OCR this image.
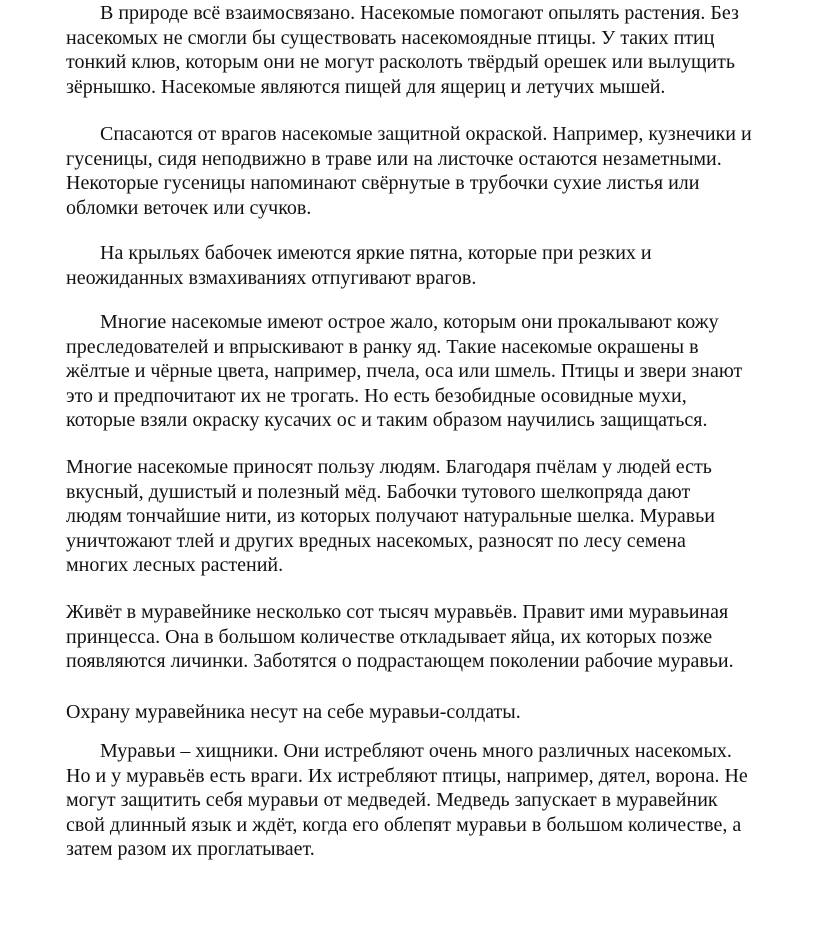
В природе всё взаимосвязано. Насекомые помогают опылять растения. Без
насекомых не смогли бы существовать насекомоядные птицы. У таких птиц
тонкий клюв, которым они не могут расколоть твёрдый орешек или вылущить
зёрнышко. Насекомые являются пищей для ящериц и летучих мышей.
Спасаются от врагов насекомые защитной окраской. Например, кузнечики и
гусеницы, сидя неподвижно в траве или на листочке остаются незаметными.
Некоторые гусеницы напоминают свёрнутые в трубочки сухие листья или
обломки веточек или сучков.
На крыльях бабочек имеются яркие пятна, которые при резких и
неожиданных взмахиваниях отпугивают врагов.
Многие насекомые имеют острое жало, которым они прокалывают кожу
преследователей и впрыскивают в ранку яд. Такие насекомые окрашены в
жёлтые и чёрные цвета, например, пчела, оса или шмель. Птицы и звери знают
это и предпочитают их не трогать. Но есть безобидные осовидные мухи,
которые взяли окраску кусачих ос и таким образом научились защищаться.
Многие насекомые приносят пользу людям. Благодаря пчёлам у людей есть
вкусный, душистый и полезный мёд. Бабочки тутового шелкопряда дают
людям тончайшие нити, из которых получают натуральные шелка. Муравьи
уничтожают тлей и других вредных насекомых, разносят по лесу семена
многих лесных растений.
Живёт в муравейнике несколько сот тысяч муравьёв. Правит ими муравьиная
принцесса. Она в большом количестве откладывает яйца, их которых позже
появляются личинки. Заботятся о подрастающем поколении рабочие муравьи.
Охрану муравейника несут на себе муравьи-солдаты.
Муравьи – хищники. Они истребляют очень много различных насекомых.
Но и у муравьёв есть враги. Их истребляют птицы, например, дятел, ворона. Не
могут защитить себя муравьи от медведей. Медведь запускает в муравейник
свой длинный язык и ждёт, когда его облепят муравьи в большом количестве, а
затем разом их проглатывает.
